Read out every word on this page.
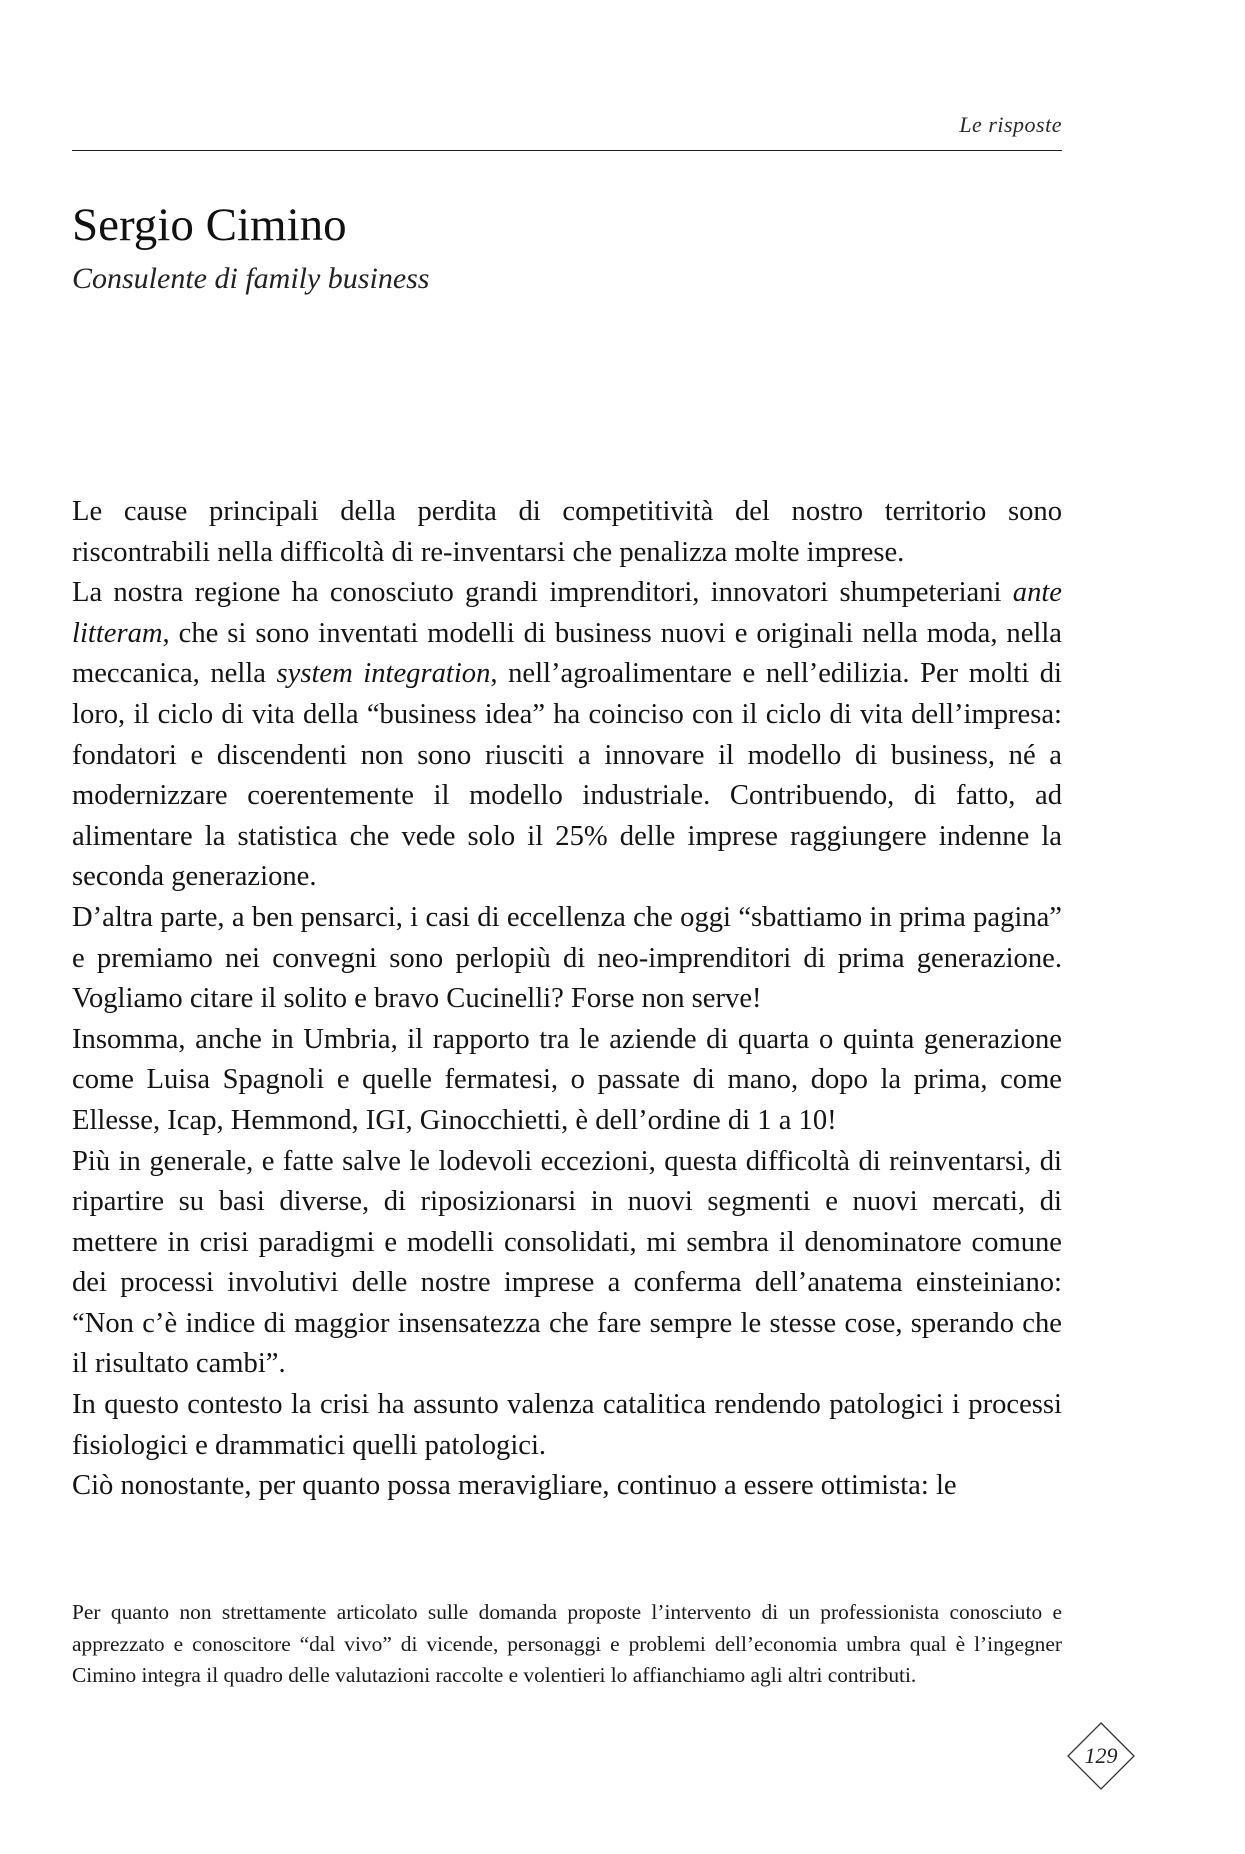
Le risposte
Sergio Cimino
Consulente di family business

Le cause principali della perdita di competitività del nostro territorio sono riscontrabili nella difficoltà di re-inventarsi che penalizza molte imprese.

La nostra regione ha conosciuto grandi imprenditori, innovatori shumpeteriani ante litteram, che si sono inventati modelli di business nuovi e originali nella moda, nella meccanica, nella system integration, nell’agroalimentare e nell’edilizia. Per molti di loro, il ciclo di vita della “business idea” ha coinciso con il ciclo di vita dell’impresa: fondatori e discendenti non sono riusciti a innovare il modello di business, né a modernizzare coerentemente il modello industriale. Contribuendo, di fatto, ad alimentare la statistica che vede solo il 25% delle imprese raggiungere indenne la seconda generazione.

D’altra parte, a ben pensarci, i casi di eccellenza che oggi “sbattiamo in prima pagina” e premiamo nei convegni sono perlopiù di neo-imprenditori di prima generazione. Vogliamo citare il solito e bravo Cucinelli? Forse non serve!

Insomma, anche in Umbria, il rapporto tra le aziende di quarta o quinta generazione come Luisa Spagnoli e quelle fermatesi, o passate di mano, dopo la prima, come Ellesse, Icap, Hemmond, IGI, Ginocchietti, è dell’ordine di 1 a 10!

Più in generale, e fatte salve le lodevoli eccezioni, questa difficoltà di reinventarsi, di ripartire su basi diverse, di riposizionarsi in nuovi segmenti e nuovi mercati, di mettere in crisi paradigmi e modelli consolidati, mi sembra il denominatore comune dei processi involutivi delle nostre imprese a conferma dell’anatema einsteiniano: “Non c’è indice di maggior insensatezza che fare sempre le stesse cose, sperando che il risultato cambi”.

In questo contesto la crisi ha assunto valenza catalitica rendendo patologici i processi fisiologici e drammatici quelli patologici.

Ciò nonostante, per quanto possa meravigliare, continuo a essere ottimista: le

Per quanto non strettamente articolato sulle domanda proposte l’intervento di un professionista conosciuto e apprezzato e conoscitore “dal vivo” di vicende, personaggi e problemi dell’economia umbra qual è l’ingegner Cimino integra il quadro delle valutazioni raccolte e volentieri lo affianchiamo agli altri contributi.

129
